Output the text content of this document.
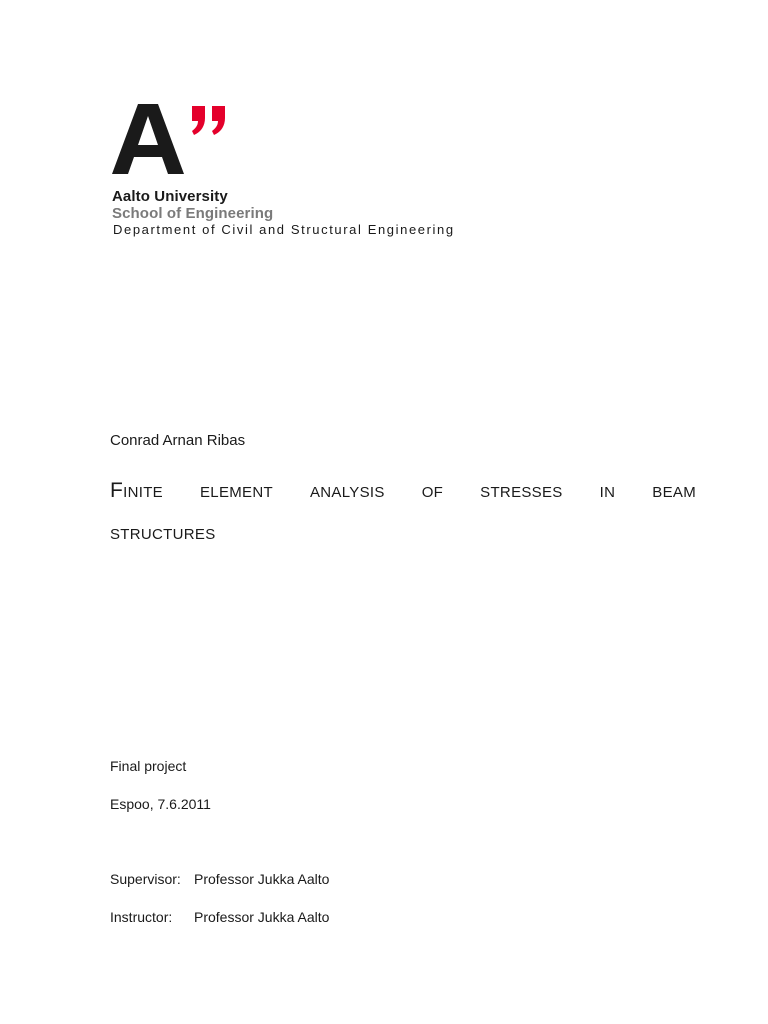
Aalto University
School of Engineering
Department of Civil and Structural Engineering
Conrad Arnan Ribas
Finite element analysis of stresses in beam
structures
Final project
Espoo, 7.6.2011
Supervisor: Professor Jukka Aalto
Instructor: Professor Jukka Aalto
